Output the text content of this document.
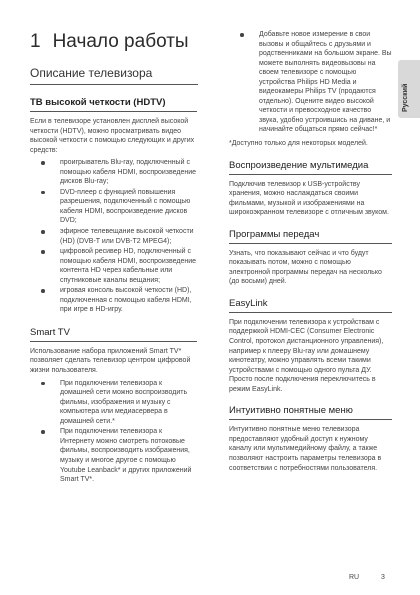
Русский
1 Начало работы
Описание телевизора
ТВ высокой четкости (HDTV)

Если в телевизоре установлен дисплей высокой четкости (HDTV), можно просматривать видео высокой четкости с помощью следующих и других средств:

проигрыватель Blu-ray, подключенный с помощью кабеля HDMI, воспроизведение дисков Blu-ray;
DVD-плеер с функцией повышения разрешения, подключенный с помощью кабеля HDMI, воспроизведение дисков DVD;
эфирное телевещание высокой четкости (HD) (DVB-T или DVB-T2 MPEG4);
цифровой ресивер HD, подключенный с помощью кабеля HDMI, воспроизведение контента HD через кабельные или спутниковые каналы вещания;
игровая консоль высокой четкости (HD), подключенная с помощью кабеля HDMI, при игре в HD-игру.
Smart TV

Использование набора приложений Smart TV* позволяет сделать телевизор центром цифровой жизни пользователя.

При подключении телевизора к домашней сети можно воспроизводить фильмы, изображения и музыку с компьютера или медиасервера в домашней сети.*
При подключении телевизора к Интернету можно смотреть потоковые фильмы, воспроизводить изображения, музыку и многое другое с помощью Youtube Leanback* и других приложений Smart TV*.
Добавьте новое измерение в свои вызовы и общайтесь с друзьями и родственниками на большом экране. Вы можете выполнять видеовызовы на своем телевизоре с помощью устройства Philips HD Media и видеокамеры Philips TV (продаются отдельно). Оцените видео высокой четкости и превосходное качество звука, удобно устроившись на диване, и начинайте общаться прямо сейчас!*

*Доступно только для некоторых моделей.

Воспроизведение мультимедиа

Подключив телевизор к USB-устройству хранения, можно наслаждаться своими фильмами, музыкой и изображениями на широкоэкранном телевизоре с отличным звуком.

Программы передач

Узнать, что показывают сейчас и что будут показывать потом, можно с помощью электронной программы передач на несколько (до восьми) дней.

EasyLink

При подключении телевизора к устройствам с поддержкой HDMI-CEC (Consumer Electronic Control, протокол дистанционного управления), например к плееру Blu-ray или домашнему кинотеатру, можно управлять всеми такими устройствами с помощью одного пульта ДУ. Просто после подключения переключитесь в режим EasyLink.

Интуитивно понятные меню

Интуитивно понятные меню телевизора предоставляют удобный доступ к нужному каналу или мультимедийному файлу, а также позволяют настроить параметры телевизора в соответствии с потребностями пользователя.

RU	3
